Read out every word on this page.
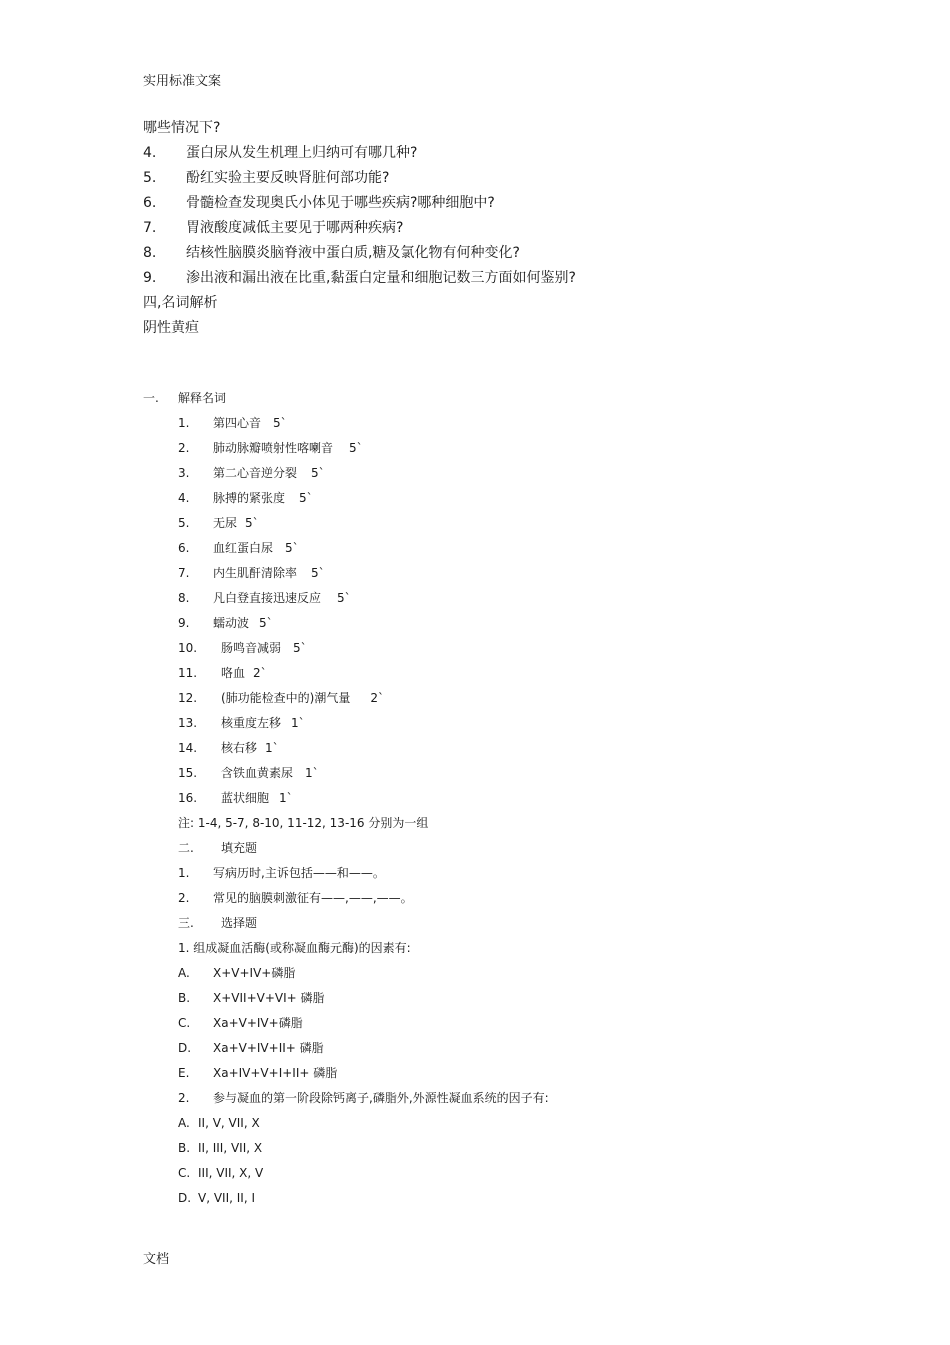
实用标准文案
哪些情况下?
4. 蛋白尿从发生机理上归纳可有哪几种?
5. 酚红实验主要反映肾脏何部功能?
6. 骨髓检查发现奥氏小体见于哪些疾病?哪种细胞中?
7. 胃液酸度减低主要见于哪两种疾病?
8. 结核性脑膜炎脑脊液中蛋白质,糖及氯化物有何种变化?
9. 渗出液和漏出液在比重,黏蛋白定量和细胞记数三方面如何鉴别?
四,名词解析
阴性黄疸
一. 解释名词
1. 第四心音 5`
2. 肺动脉瓣喷射性喀喇音 5`
3. 第二心音逆分裂 5`
4. 脉搏的紧张度 5`
5. 无尿 5`
6. 血红蛋白尿 5`
7. 内生肌酐清除率 5`
8. 凡白登直接迅速反应 5`
9. 蠕动波 5`
10. 肠鸣音减弱 5`
11. 咯血 2`
12. (肺功能检查中的)潮气量 2`
13. 核重度左移 1`
14. 核右移 1`
15. 含铁血黄素尿 1`
16. 蓝状细胞 1`
注: 1-4, 5-7, 8-10, 11-12, 13-16 分别为一组
二. 填充题
1. 写病历时,主诉包括——和——。
2. 常见的脑膜刺激征有——,——,——。
三. 选择题
1. 组成凝血活酶(或称凝血酶元酶)的因素有:
A. X+V+IV+磷脂
B. X+VII+V+VI+ 磷脂
C. Xa+V+IV+磷脂
D. Xa+V+IV+II+ 磷脂
E. Xa+IV+V+I+II+ 磷脂
2. 参与凝血的第一阶段除钙离子,磷脂外,外源性凝血系统的因子有:
A. II, V, VII, X
B. II, III, VII, X
C. III, VII, X, V
D. V, VII, II, I
文档
